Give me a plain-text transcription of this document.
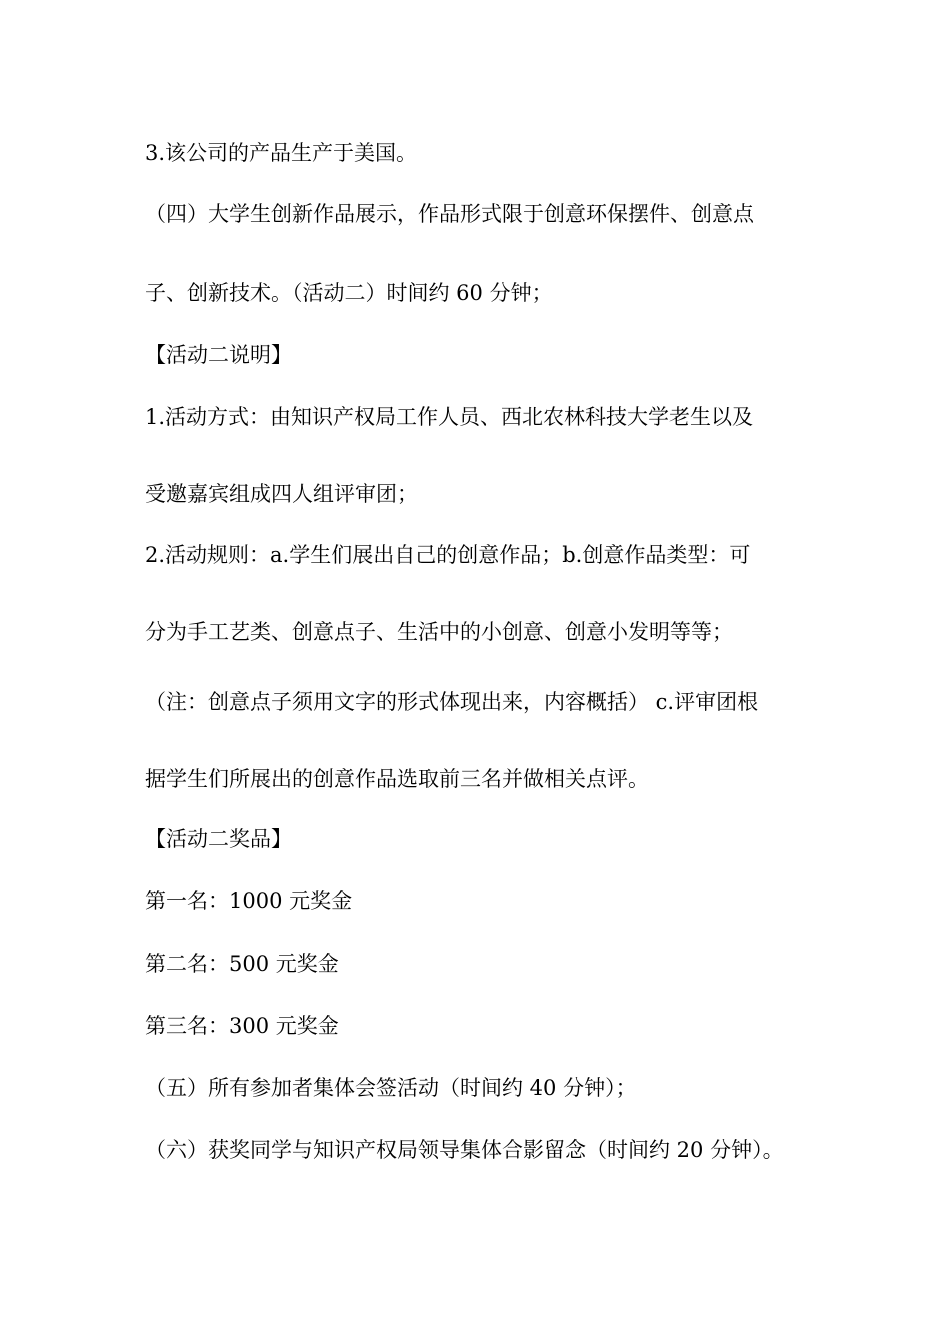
3.该公司的产品生产于美国。
（四）大学生创新作品展示，作品形式限于创意环保摆件、创意点
子、创新技术。（活动二）时间约 60 分钟；
【活动二说明】
1.活动方式：由知识产权局工作人员、西北农林科技大学老生以及
受邀嘉宾组成四人组评审团；
2.活动规则：a.学生们展出自己的创意作品；b.创意作品类型：可
分为手工艺类、创意点子、生活中的小创意、创意小发明等等；
（注：创意点子须用文字的形式体现出来，内容概括） c.评审团根
据学生们所展出的创意作品选取前三名并做相关点评。
【活动二奖品】
第一名：1000 元奖金
第二名：500 元奖金
第三名：300 元奖金
（五）所有参加者集体会签活动（时间约 40 分钟）；
（六）获奖同学与知识产权局领导集体合影留念（时间约 20 分钟）。
